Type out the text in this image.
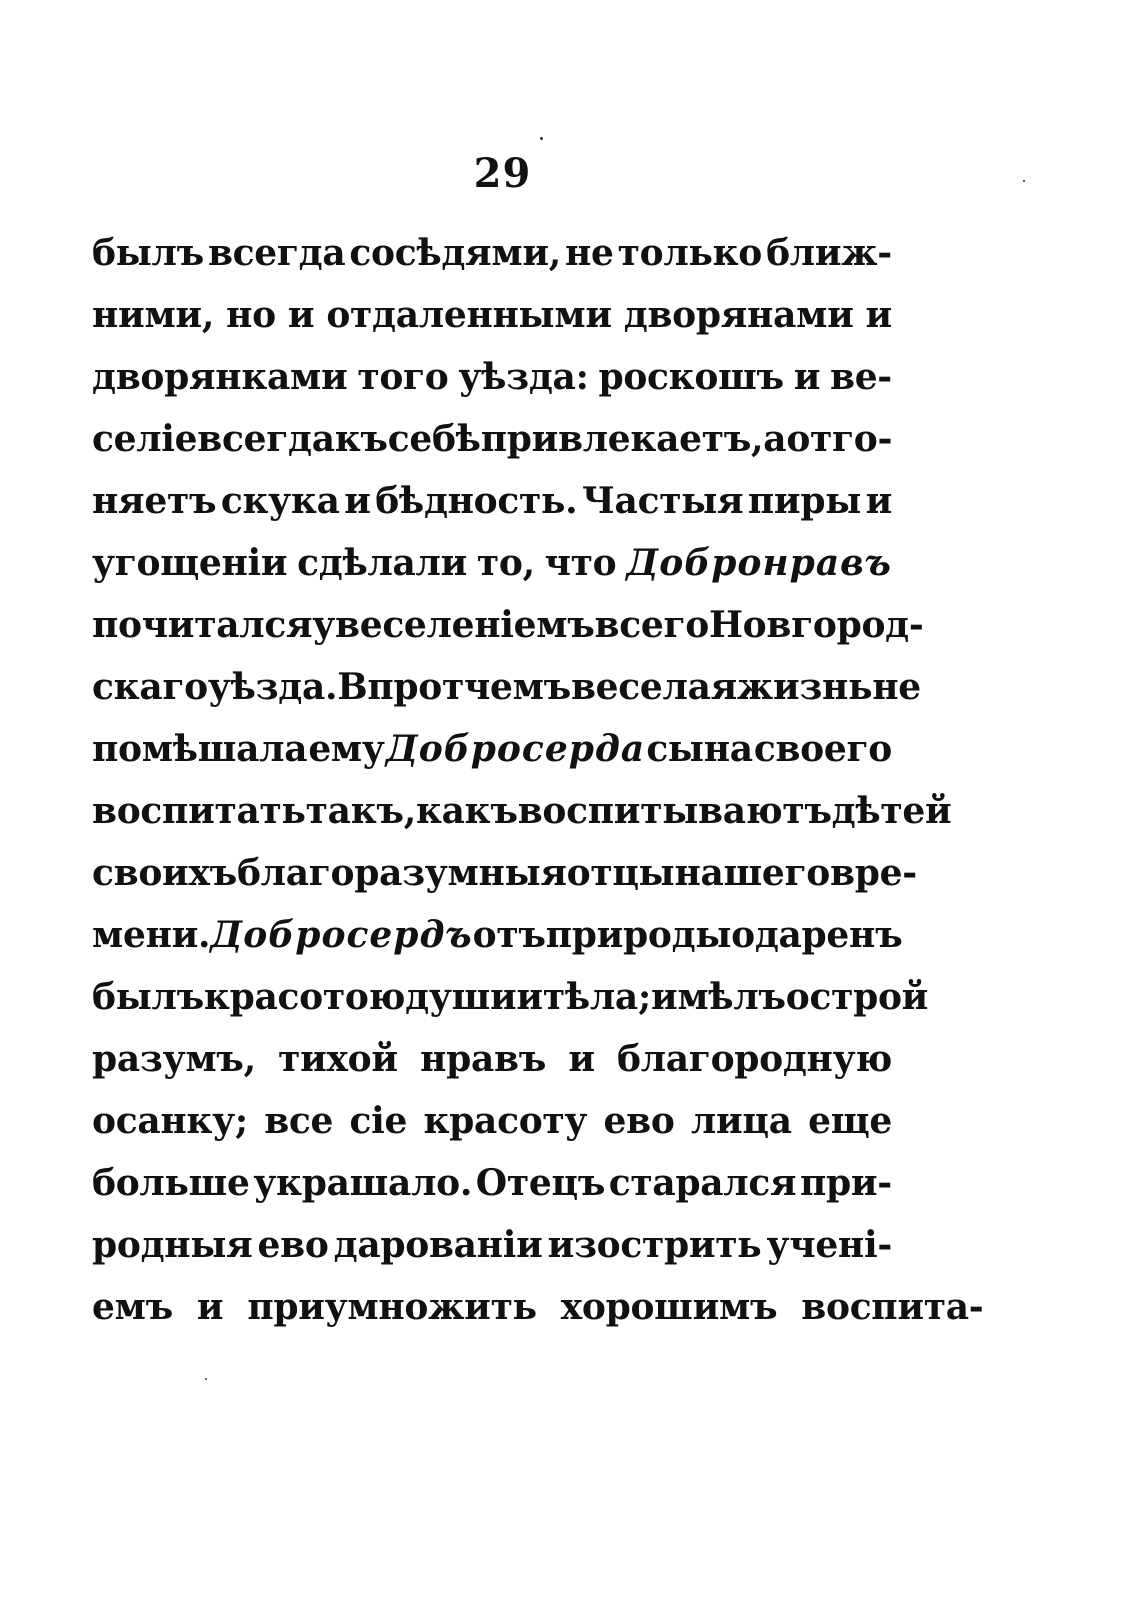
29
былъ всегда сосѣдями, не только ближ-
ними, но и отдаленными дворянами и
дворянками того уѣзда: роскошъ и ве-
селіе всегда къ себѣ привлекаетъ, а отго-
няетъ скука и бѣдность. Частыя пиры и
угощеніи сдѣлали то, что Добронравъ
почитался увеселеніемъ всего Новгород-
скаго уѣзда. Впротчемъ веселая жизнь не
помѣшала ему Добросерда сына своего
воспитать такъ, какъ воспитываютъ дѣтей
своихъ благоразумныя отцы нашего вре-
мени. Добросердъ отъ природы одаренъ
былъ красотою души и тѣла; имѣлъ острой
разумъ, тихой нравъ и благородную
осанку; все сіе красоту ево лица еще
больше украшало. Отецъ старался при-
родныя ево дарованіи изострить учені-
емъ и приумножить хорошимъ воспита-
